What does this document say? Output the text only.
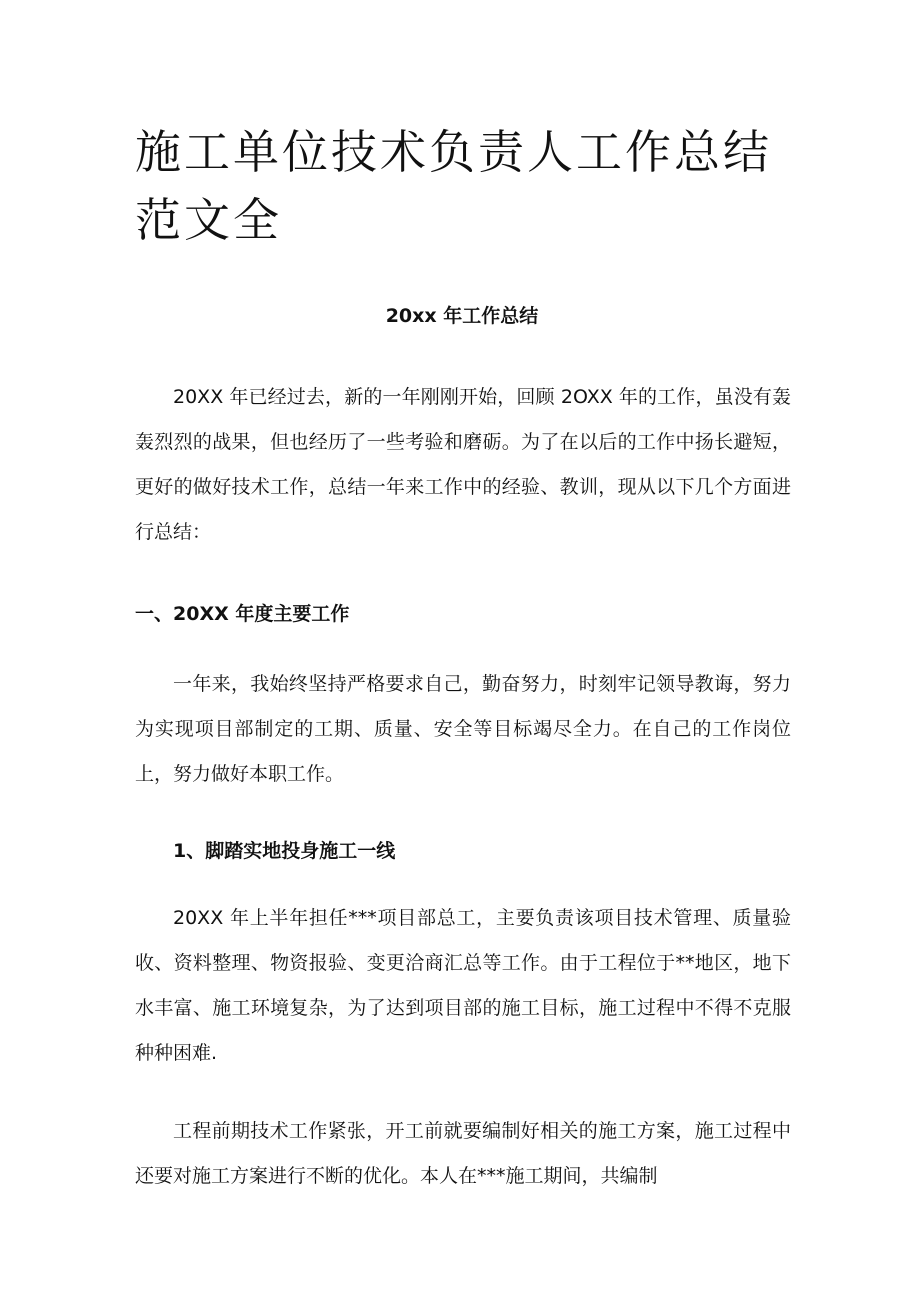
施工单位技术负责人工作总结范文全
20xx 年工作总结

20XX 年已经过去，新的一年刚刚开始，回顾 2OXX 年的工作，虽没有轰轰烈烈的战果，但也经历了一些考验和磨砺。为了在以后的工作中扬长避短，更好的做好技术工作，总结一年来工作中的经验、教训，现从以下几个方面进行总结：

一、20XX 年度主要工作

一年来，我始终坚持严格要求自己，勤奋努力，时刻牢记领导教诲，努力为实现项目部制定的工期、质量、安全等目标竭尽全力。在自己的工作岗位上，努力做好本职工作。

1、脚踏实地投身施工一线

20XX 年上半年担任***项目部总工，主要负责该项目技术管理、质量验收、资料整理、物资报验、变更洽商汇总等工作。由于工程位于**地区，地下水丰富、施工环境复杂，为了达到项目部的施工目标，施工过程中不得不克服种种困难.

工程前期技术工作紧张，开工前就要编制好相关的施工方案，施工过程中还要对施工方案进行不断的优化。本人在***施工期间，共编制
